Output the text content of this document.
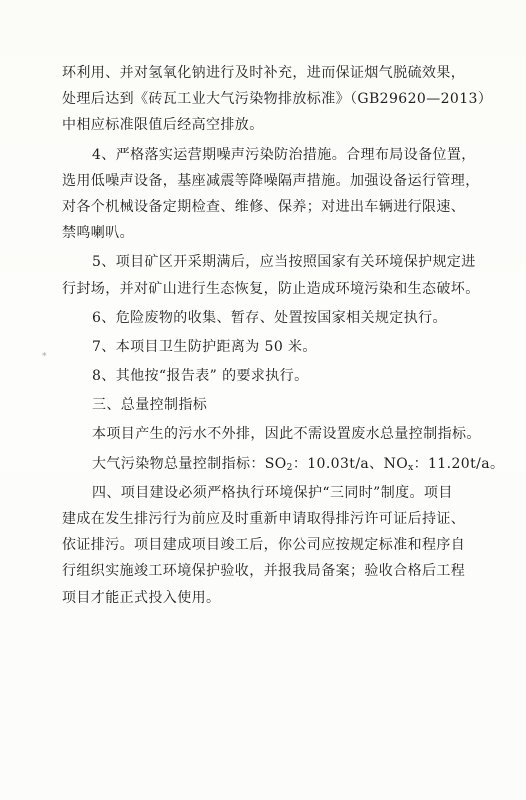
*
环利用、并对氢氧化钠进行及时补充，进而保证烟气脱硫效果，
处理后达到《砖瓦工业大气污染物排放标准》（GB29620—2013）
中相应标准限值后经高空排放。
4、严格落实运营期噪声污染防治措施。合理布局设备位置，
选用低噪声设备，基座减震等降噪隔声措施。加强设备运行管理，
对各个机械设备定期检查、维修、保养；对进出车辆进行限速、
禁鸣喇叭。
5、项目矿区开采期满后，应当按照国家有关环境保护规定进
行封场，并对矿山进行生态恢复，防止造成环境污染和生态破坏。
6、危险废物的收集、暂存、处置按国家相关规定执行。
7、本项目卫生防护距离为 50 米。
8、其他按“报告表” 的要求执行。
三、总量控制指标
本项目产生的污水不外排，因此不需设置废水总量控制指标。
大气污染物总量控制指标：$SO_2$：10.03t/a、$NO_x$：11.20t/a。
四、项目建设必须严格执行环境保护“三同时”制度。项目
建成在发生排污行为前应及时重新申请取得排污许可证后持证、
依证排污。项目建成项目竣工后，你公司应按规定标准和程序自
行组织实施竣工环境保护验收，并报我局备案；验收合格后工程
项目才能正式投入使用。
